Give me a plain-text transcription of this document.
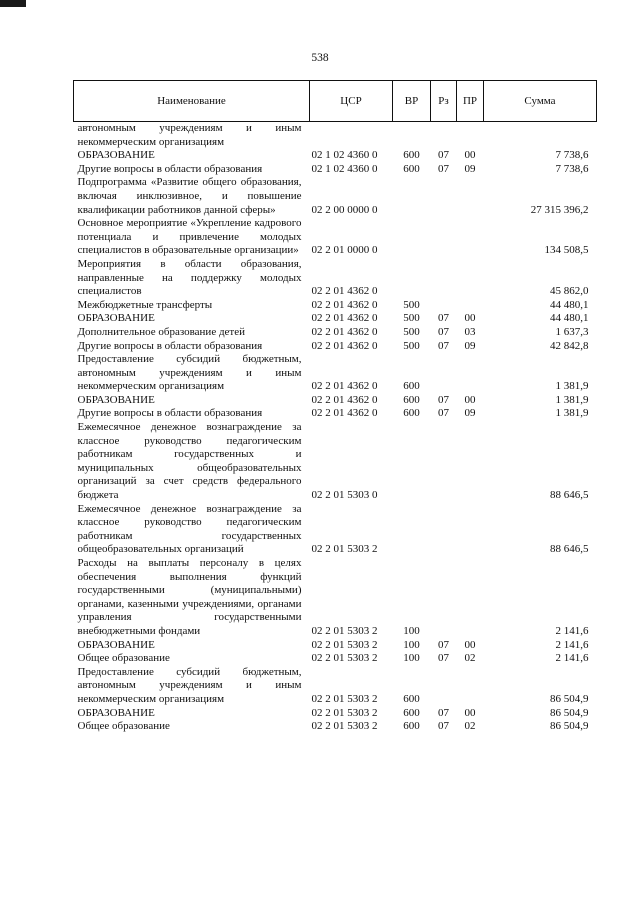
538
Наименование	ЦСР	ВР	Рз	ПР	Сумма
автономным учреждениям и иным некоммерческим организациям					
ОБРАЗОВАНИЕ	02 1 02 4360 0	600	07	00	7 738,6
Другие вопросы в области образования	02 1 02 4360 0	600	07	09	7 738,6
Подпрограмма «Развитие общего образования, включая инклюзивное, и повышение квалификации работников данной сферы»	02 2 00 0000 0				27 315 396,2
Основное мероприятие «Укрепление кадрового потенциала и привлечение молодых специалистов в образовательные организации»	02 2 01 0000 0				134 508,5
Мероприятия в области образования, направленные на поддержку молодых специалистов	02 2 01 4362 0				45 862,0
Межбюджетные трансферты	02 2 01 4362 0	500			44 480,1
ОБРАЗОВАНИЕ	02 2 01 4362 0	500	07	00	44 480,1
Дополнительное образование детей	02 2 01 4362 0	500	07	03	1 637,3
Другие вопросы в области образования	02 2 01 4362 0	500	07	09	42 842,8
Предоставление субсидий бюджетным, автономным учреждениям и иным некоммерческим организациям	02 2 01 4362 0	600			1 381,9
ОБРАЗОВАНИЕ	02 2 01 4362 0	600	07	00	1 381,9
Другие вопросы в области образования	02 2 01 4362 0	600	07	09	1 381,9
Ежемесячное денежное вознаграждение за классное руководство педагогическим работникам государственных и муниципальных общеобразовательных организаций за счет средств федерального бюджета	02 2 01 5303 0				88 646,5
Ежемесячное денежное вознаграждение за классное руководство педагогическим работникам государственных общеобразовательных организаций	02 2 01 5303 2				88 646,5
Расходы на выплаты персоналу в целях обеспечения выполнения функций государственными (муниципальными) органами, казенными учреждениями, органами управления государственными внебюджетными фондами	02 2 01 5303 2	100			2 141,6
ОБРАЗОВАНИЕ	02 2 01 5303 2	100	07	00	2 141,6
Общее образование	02 2 01 5303 2	100	07	02	2 141,6
Предоставление субсидий бюджетным, автономным учреждениям и иным некоммерческим организациям	02 2 01 5303 2	600			86 504,9
ОБРАЗОВАНИЕ	02 2 01 5303 2	600	07	00	86 504,9
Общее образование	02 2 01 5303 2	600	07	02	86 504,9
